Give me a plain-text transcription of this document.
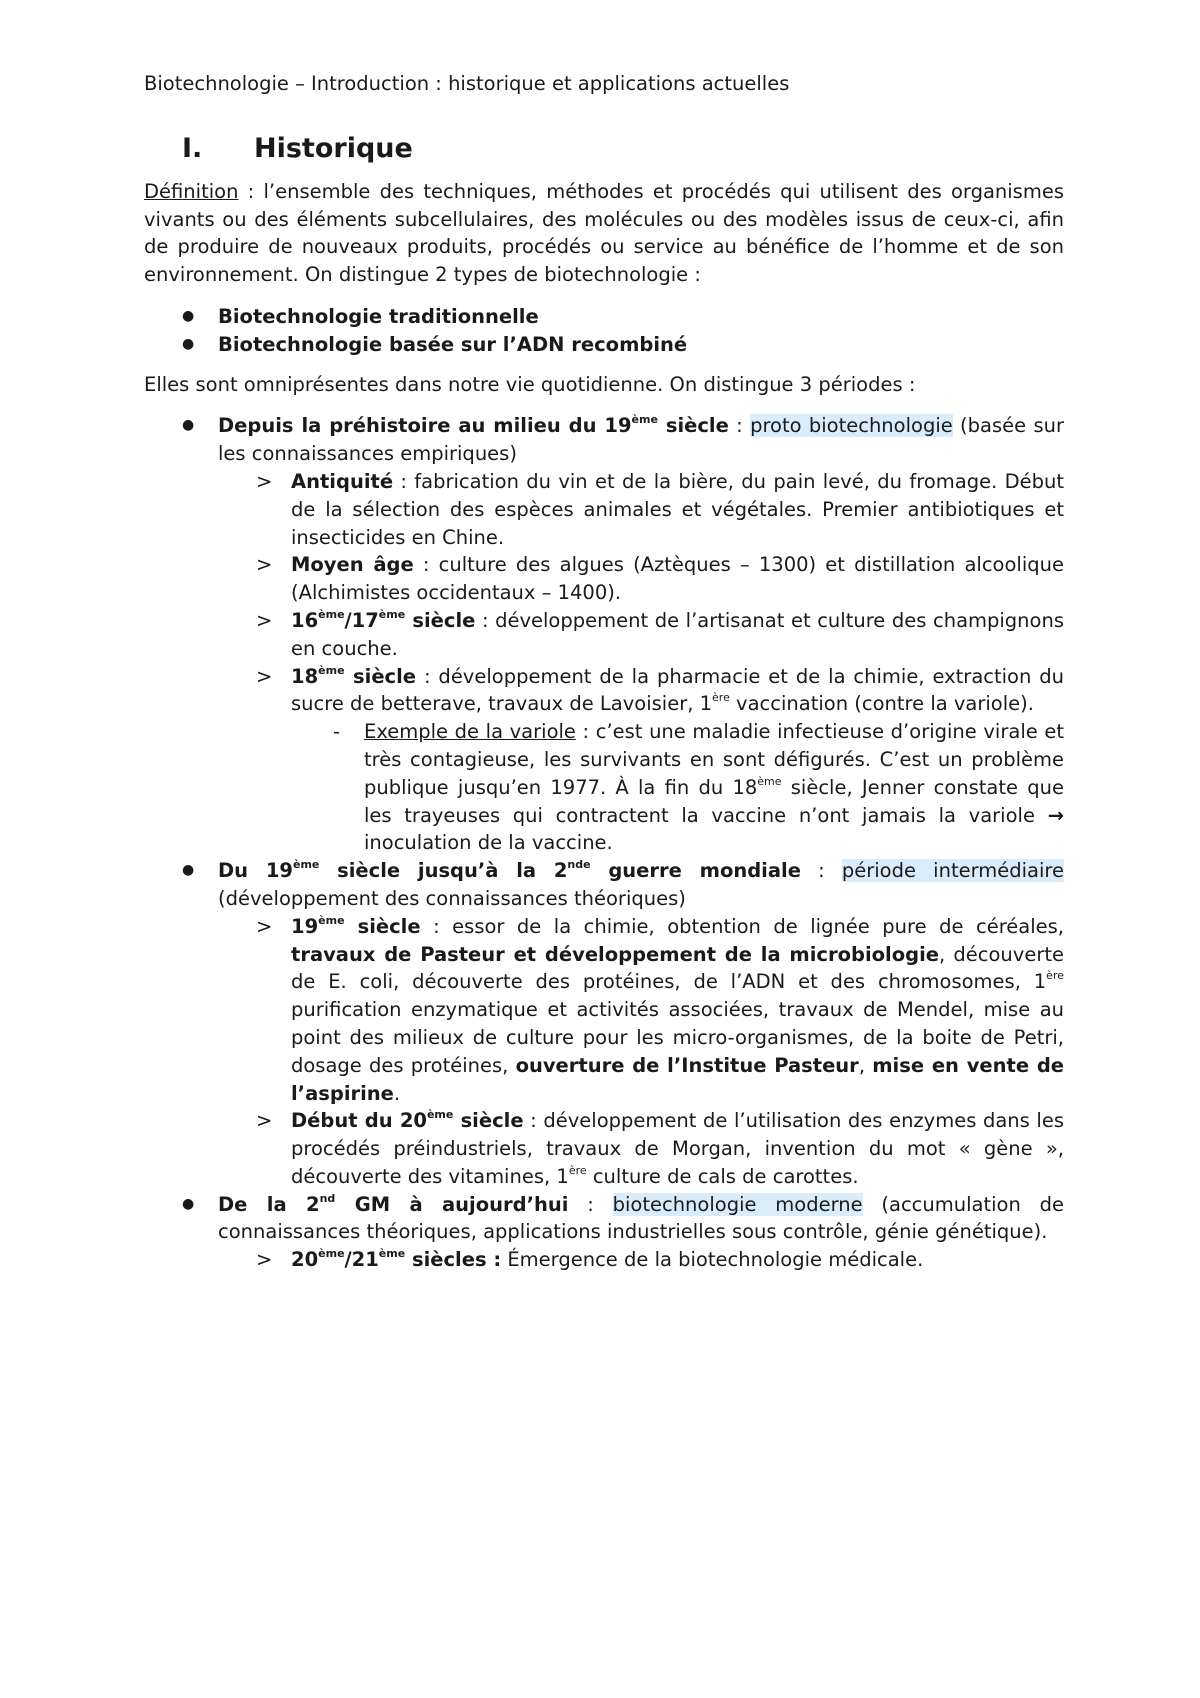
Biotechnologie – Introduction : historique et applications actuelles
I.	Historique

Définition : l’ensemble des techniques, méthodes et procédés qui utilisent des organismes vivants ou des éléments subcellulaires, des molécules ou des modèles issus de ceux-ci, afin de produire de nouveaux produits, procédés ou service au bénéfice de l’homme et de son environnement. On distingue 2 types de biotechnologie :

● Biotechnologie traditionnelle
● Biotechnologie basée sur l’ADN recombiné

Elles sont omniprésentes dans notre vie quotidienne. On distingue 3 périodes :

● Depuis la préhistoire au milieu du 19ème siècle : proto biotechnologie (basée sur les connaissances empiriques)
> Antiquité : fabrication du vin et de la bière, du pain levé, du fromage. Début de la sélection des espèces animales et végétales. Premier antibiotiques et insecticides en Chine.
> Moyen âge : culture des algues (Aztèques – 1300) et distillation alcoolique (Alchimistes occidentaux – 1400).
> 16ème/17ème siècle : développement de l’artisanat et culture des champignons en couche.
> 18ème siècle : développement de la pharmacie et de la chimie, extraction du sucre de betterave, travaux de Lavoisier, 1ère vaccination (contre la variole).
- Exemple de la variole : c’est une maladie infectieuse d’origine virale et très contagieuse, les survivants en sont défigurés. C’est un problème publique jusqu’en 1977. À la fin du 18ème siècle, Jenner constate que les trayeuses qui contractent la vaccine n’ont jamais la variole → inoculation de la vaccine.
● Du 19ème siècle jusqu’à la 2nde guerre mondiale : période intermédiaire (développement des connaissances théoriques)
> 19ème siècle : essor de la chimie, obtention de lignée pure de céréales, travaux de Pasteur et développement de la microbiologie, découverte de E. coli, découverte des protéines, de l’ADN et des chromosomes, 1ère purification enzymatique et activités associées, travaux de Mendel, mise au point des milieux de culture pour les micro-organismes, de la boite de Petri, dosage des protéines, ouverture de l’Institue Pasteur, mise en vente de l’aspirine.
> Début du 20ème siècle : développement de l’utilisation des enzymes dans les procédés préindustriels, travaux de Morgan, invention du mot « gène », découverte des vitamines, 1ère culture de cals de carottes.
● De la 2nd GM à aujourd’hui : biotechnologie moderne (accumulation de connaissances théoriques, applications industrielles sous contrôle, génie génétique).
> 20ème/21ème siècles : Émergence de la biotechnologie médicale.
